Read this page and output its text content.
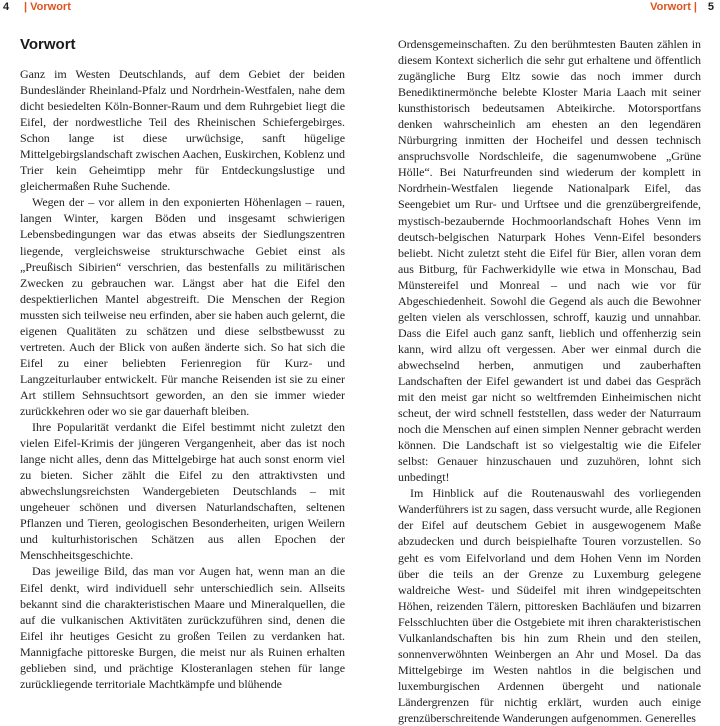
4 | Vorwort	Vorwort | 5
Vorwort

Ganz im Westen Deutschlands, auf dem Gebiet der beiden Bundesländer Rheinland-Pfalz und Nordrhein-Westfalen, nahe dem dicht besiedelten Köln-Bonner-Raum und dem Ruhrgebiet liegt die Eifel, der nordwestliche Teil des Rheinischen Schiefergebirges. Schon lange ist diese urwüchsige, sanft hügelige Mittelgebirgslandschaft zwischen Aachen, Euskirchen, Koblenz und Trier kein Geheimtipp mehr für Entdeckungslustige und gleichermaßen Ruhe Suchende.

Wegen der – vor allem in den exponierten Höhenlagen – rauen, langen Winter, kargen Böden und insgesamt schwierigen Lebensbedingungen war das etwas abseits der Siedlungszentren liegende, vergleichsweise strukturschwache Gebiet einst als „Preußisch Sibirien“ verschrien, das bestenfalls zu militärischen Zwecken zu gebrauchen war. Längst aber hat die Eifel den despektierlichen Mantel abgestreift. Die Menschen der Region mussten sich teilweise neu erfinden, aber sie haben auch gelernt, die eigenen Qualitäten zu schätzen und diese selbstbewusst zu vertreten. Auch der Blick von außen änderte sich. So hat sich die Eifel zu einer beliebten Ferienregion für Kurz- und Langzeiturlauber entwickelt. Für manche Reisenden ist sie zu einer Art stillem Sehnsuchtsort geworden, an den sie immer wieder zurückkehren oder wo sie gar dauerhaft bleiben.

Ihre Popularität verdankt die Eifel bestimmt nicht zuletzt den vielen Eifel-Krimis der jüngeren Vergangenheit, aber das ist noch lange nicht alles, denn das Mittelgebirge hat auch sonst enorm viel zu bieten. Sicher zählt die Eifel zu den attraktivsten und abwechslungsreichsten Wandergebieten Deutschlands – mit ungeheuer schönen und diversen Naturlandschaften, seltenen Pflanzen und Tieren, geologischen Besonderheiten, urigen Weilern und kulturhistorischen Schätzen aus allen Epochen der Menschheitsgeschichte.

Das jeweilige Bild, das man vor Augen hat, wenn man an die Eifel denkt, wird individuell sehr unterschiedlich sein. Allseits bekannt sind die charakteristischen Maare und Mineralquellen, die auf die vulkanischen Aktivitäten zurückzuführen sind, denen die Eifel ihr heutiges Gesicht zu großen Teilen zu verdanken hat. Mannigfache pittoreske Burgen, die meist nur als Ruinen erhalten geblieben sind, und prächtige Klosteranlagen stehen für lange zurückliegende territoriale Machtkämpfe und blühende

Ordensgemeinschaften. Zu den berühmtesten Bauten zählen in diesem Kontext sicherlich die sehr gut erhaltene und öffentlich zugängliche Burg Eltz sowie das noch immer durch Benediktinermönche belebte Kloster Maria Laach mit seiner kunsthistorisch bedeutsamen Abteikirche. Motorsportfans denken wahrscheinlich am ehesten an den legendären Nürburgring inmitten der Hocheifel und dessen technisch anspruchsvolle Nordschleife, die sagenumwobene „Grüne Hölle“. Bei Naturfreunden sind wiederum der komplett in Nordrhein-Westfalen liegende Nationalpark Eifel, das Seengebiet um Rur- und Urftsee und die grenzübergreifende, mystisch-bezaubernde Hochmoorlandschaft Hohes Venn im deutsch-belgischen Naturpark Hohes Venn-Eifel besonders beliebt. Nicht zuletzt steht die Eifel für Bier, allen voran dem aus Bitburg, für Fachwerkidylle wie etwa in Monschau, Bad Münstereifel und Monreal – und nach wie vor für Abgeschiedenheit. Sowohl die Gegend als auch die Bewohner gelten vielen als verschlossen, schroff, kauzig und unnahbar. Dass die Eifel auch ganz sanft, lieblich und offenherzig sein kann, wird allzu oft vergessen. Aber wer einmal durch die abwechselnd herben, anmutigen und zauberhaften Landschaften der Eifel gewandert ist und dabei das Gespräch mit den meist gar nicht so weltfremden Einheimischen nicht scheut, der wird schnell feststellen, dass weder der Naturraum noch die Menschen auf einen simplen Nenner gebracht werden können. Die Landschaft ist so vielgestaltig wie die Eifeler selbst: Genauer hinzuschauen und zuzuhören, lohnt sich unbedingt!

Im Hinblick auf die Routenauswahl des vorliegenden Wanderführers ist zu sagen, dass versucht wurde, alle Regionen der Eifel auf deutschem Gebiet in ausgewogenem Maße abzudecken und durch beispielhafte Touren vorzustellen. So geht es vom Eifelvorland und dem Hohen Venn im Norden über die teils an der Grenze zu Luxemburg gelegene waldreiche West- und Südeifel mit ihren windgepeitschten Höhen, reizenden Tälern, pittoresken Bachläufen und bizarren Felsschluchten über die Ostgebiete mit ihren charakteristischen Vulkanlandschaften bis hin zum Rhein und den steilen, sonnenverwöhnten Weinbergen an Ahr und Mosel. Da das Mittelgebirge im Westen nahtlos in die belgischen und luxemburgischen Ardennen übergeht und nationale Ländergrenzen für nichtig erklärt, wurden auch einige grenzüberschreitende Wanderungen aufgenommen. Generelles
